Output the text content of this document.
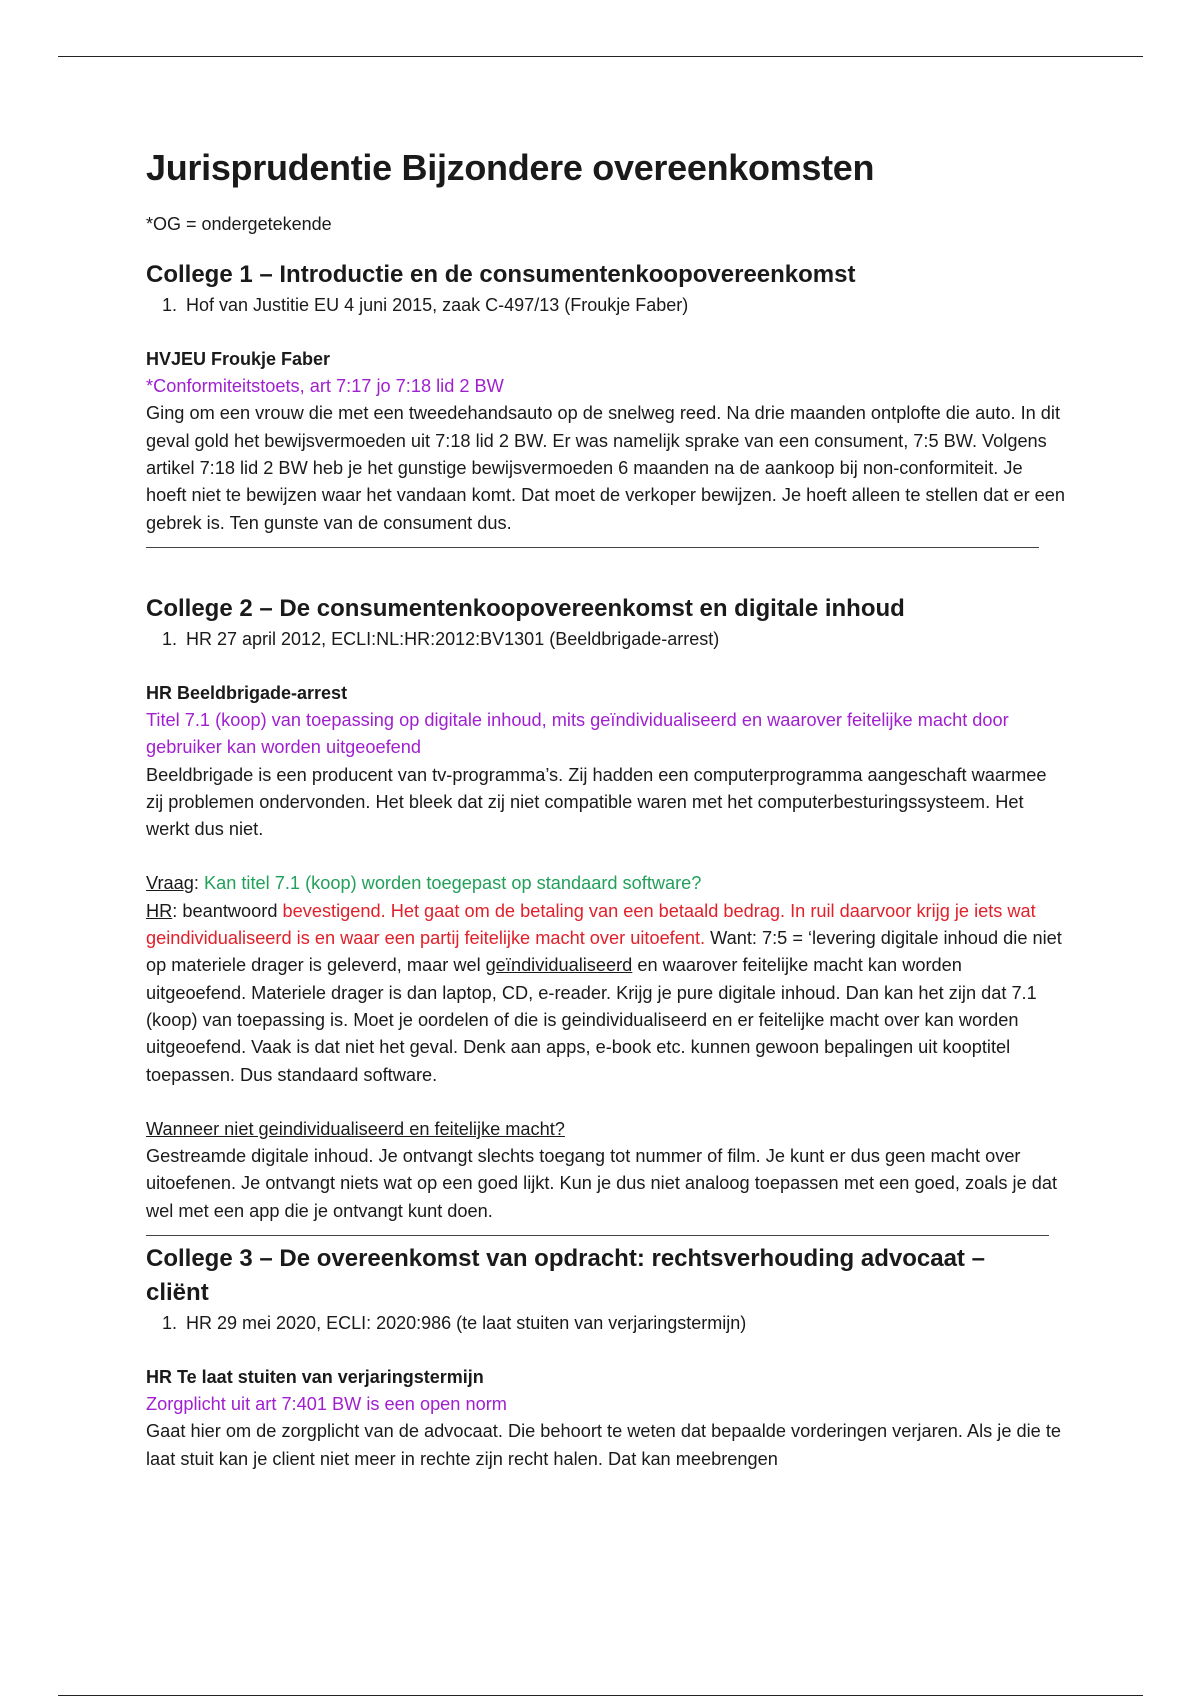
Jurisprudentie Bijzondere overeenkomsten
*OG = ondergetekende
College 1 – Introductie en de consumentenkoopovereenkomst
1. Hof van Justitie EU 4 juni 2015, zaak C-497/13 (Froukje Faber)
HVJEU Froukje Faber

*Conformiteitstoets, art 7:17 jo 7:18 lid 2 BW

Ging om een vrouw die met een tweedehandsauto op de snelweg reed. Na drie maanden ontplofte die auto. In dit geval gold het bewijsvermoeden uit 7:18 lid 2 BW. Er was namelijk sprake van een consument, 7:5 BW. Volgens artikel 7:18 lid 2 BW heb je het gunstige bewijsvermoeden 6 maanden na de aankoop bij non-conformiteit. Je hoeft niet te bewijzen waar het vandaan komt. Dat moet de verkoper bewijzen. Je hoeft alleen te stellen dat er een gebrek is. Ten gunste van de consument dus.

College 2 – De consumentenkoopovereenkomst en digitale inhoud
1. HR 27 april 2012, ECLI:NL:HR:2012:BV1301 (Beeldbrigade-arrest)
HR Beeldbrigade-arrest

Titel 7.1 (koop) van toepassing op digitale inhoud, mits geïndividualiseerd en waarover feitelijke macht door gebruiker kan worden uitgeoefend

Beeldbrigade is een producent van tv-programma’s. Zij hadden een computerprogramma aangeschaft waarmee zij problemen ondervonden. Het bleek dat zij niet compatible waren met het computerbesturingssysteem. Het werkt dus niet.

Vraag: Kan titel 7.1 (koop) worden toegepast op standaard software?

HR: beantwoord bevestigend. Het gaat om de betaling van een betaald bedrag. In ruil daarvoor krijg je iets wat geindividualiseerd is en waar een partij feitelijke macht over uitoefent. Want: 7:5 = ‘levering digitale inhoud die niet op materiele drager is geleverd, maar wel geïndividualiseerd en waarover feitelijke macht kan worden uitgeoefend. Materiele drager is dan laptop, CD, e-reader. Krijg je pure digitale inhoud. Dan kan het zijn dat 7.1 (koop) van toepassing is. Moet je oordelen of die is geindividualiseerd en er feitelijke macht over kan worden uitgeoefend. Vaak is dat niet het geval. Denk aan apps, e-book etc. kunnen gewoon bepalingen uit kooptitel toepassen. Dus standaard software.

Wanneer niet geindividualiseerd en feitelijke macht?

Gestreamde digitale inhoud. Je ontvangt slechts toegang tot nummer of film. Je kunt er dus geen macht over uitoefenen. Je ontvangt niets wat op een goed lijkt. Kun je dus niet analoog toepassen met een goed, zoals je dat wel met een app die je ontvangt kunt doen.

College 3 – De overeenkomst van opdracht: rechtsverhouding advocaat – cliënt
1. HR 29 mei 2020, ECLI: 2020:986 (te laat stuiten van verjaringstermijn)
HR Te laat stuiten van verjaringstermijn

Zorgplicht uit art 7:401 BW is een open norm

Gaat hier om de zorgplicht van de advocaat. Die behoort te weten dat bepaalde vorderingen verjaren. Als je die te laat stuit kan je client niet meer in rechte zijn recht halen. Dat kan meebrengen
